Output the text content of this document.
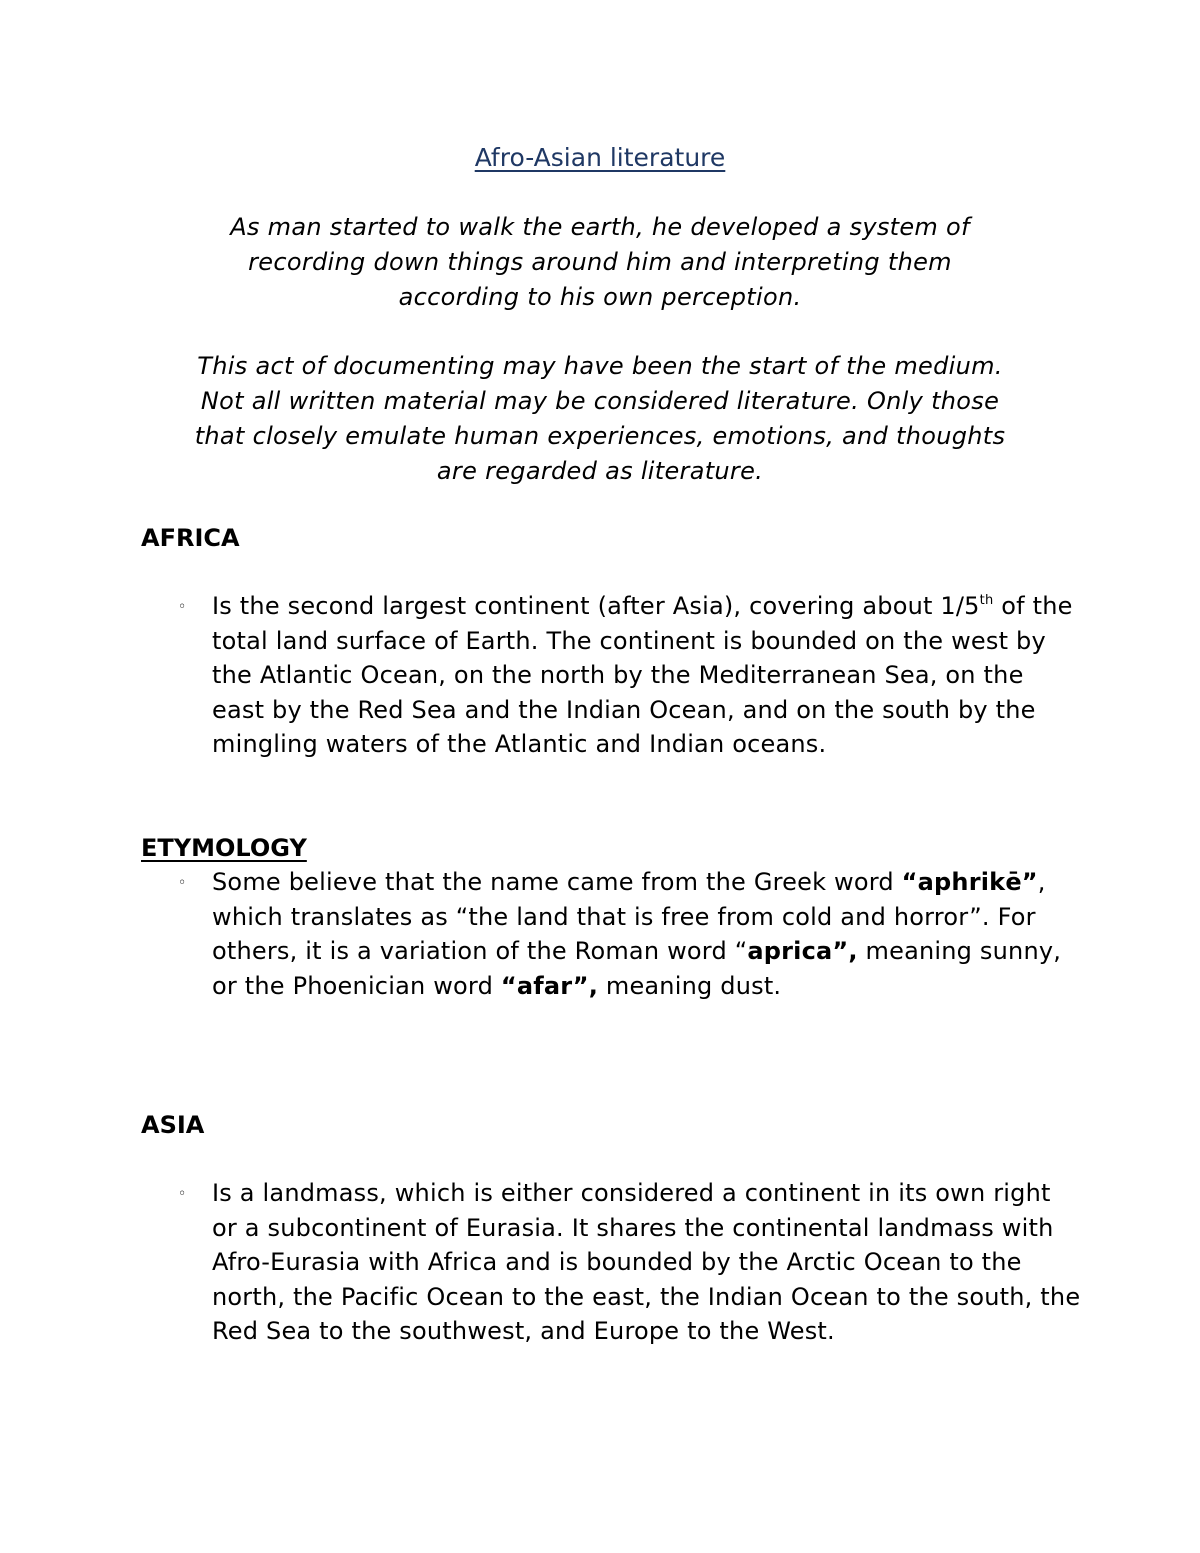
Afro-Asian literature

As man started to walk the earth, he developed a system of
recording down things around him and interpreting them
according to his own perception.

This act of documenting may have been the start of the medium.
Not all written material may be considered literature. Only those
that closely emulate human experiences, emotions, and thoughts
are regarded as literature.

AFRICA
◦ Is the second largest continent (after Asia), covering about 1/5th of the total land surface of Earth. The continent is bounded on the west by the Atlantic Ocean, on the north by the Mediterranean Sea, on the east by the Red Sea and the Indian Ocean, and on the south by the mingling waters of the Atlantic and Indian oceans.

ETYMOLOGY
◦ Some believe that the name came from the Greek word “aphrikē”, which translates as “the land that is free from cold and horror”. For others, it is a variation of the Roman word “aprica”, meaning sunny, or the Phoenician word “afar”, meaning dust.

ASIA
◦ Is a landmass, which is either considered a continent in its own right or a subcontinent of Eurasia. It shares the continental landmass with Afro-Eurasia with Africa and is bounded by the Arctic Ocean to the north, the Pacific Ocean to the east, the Indian Ocean to the south, the Red Sea to the southwest, and Europe to the West.
